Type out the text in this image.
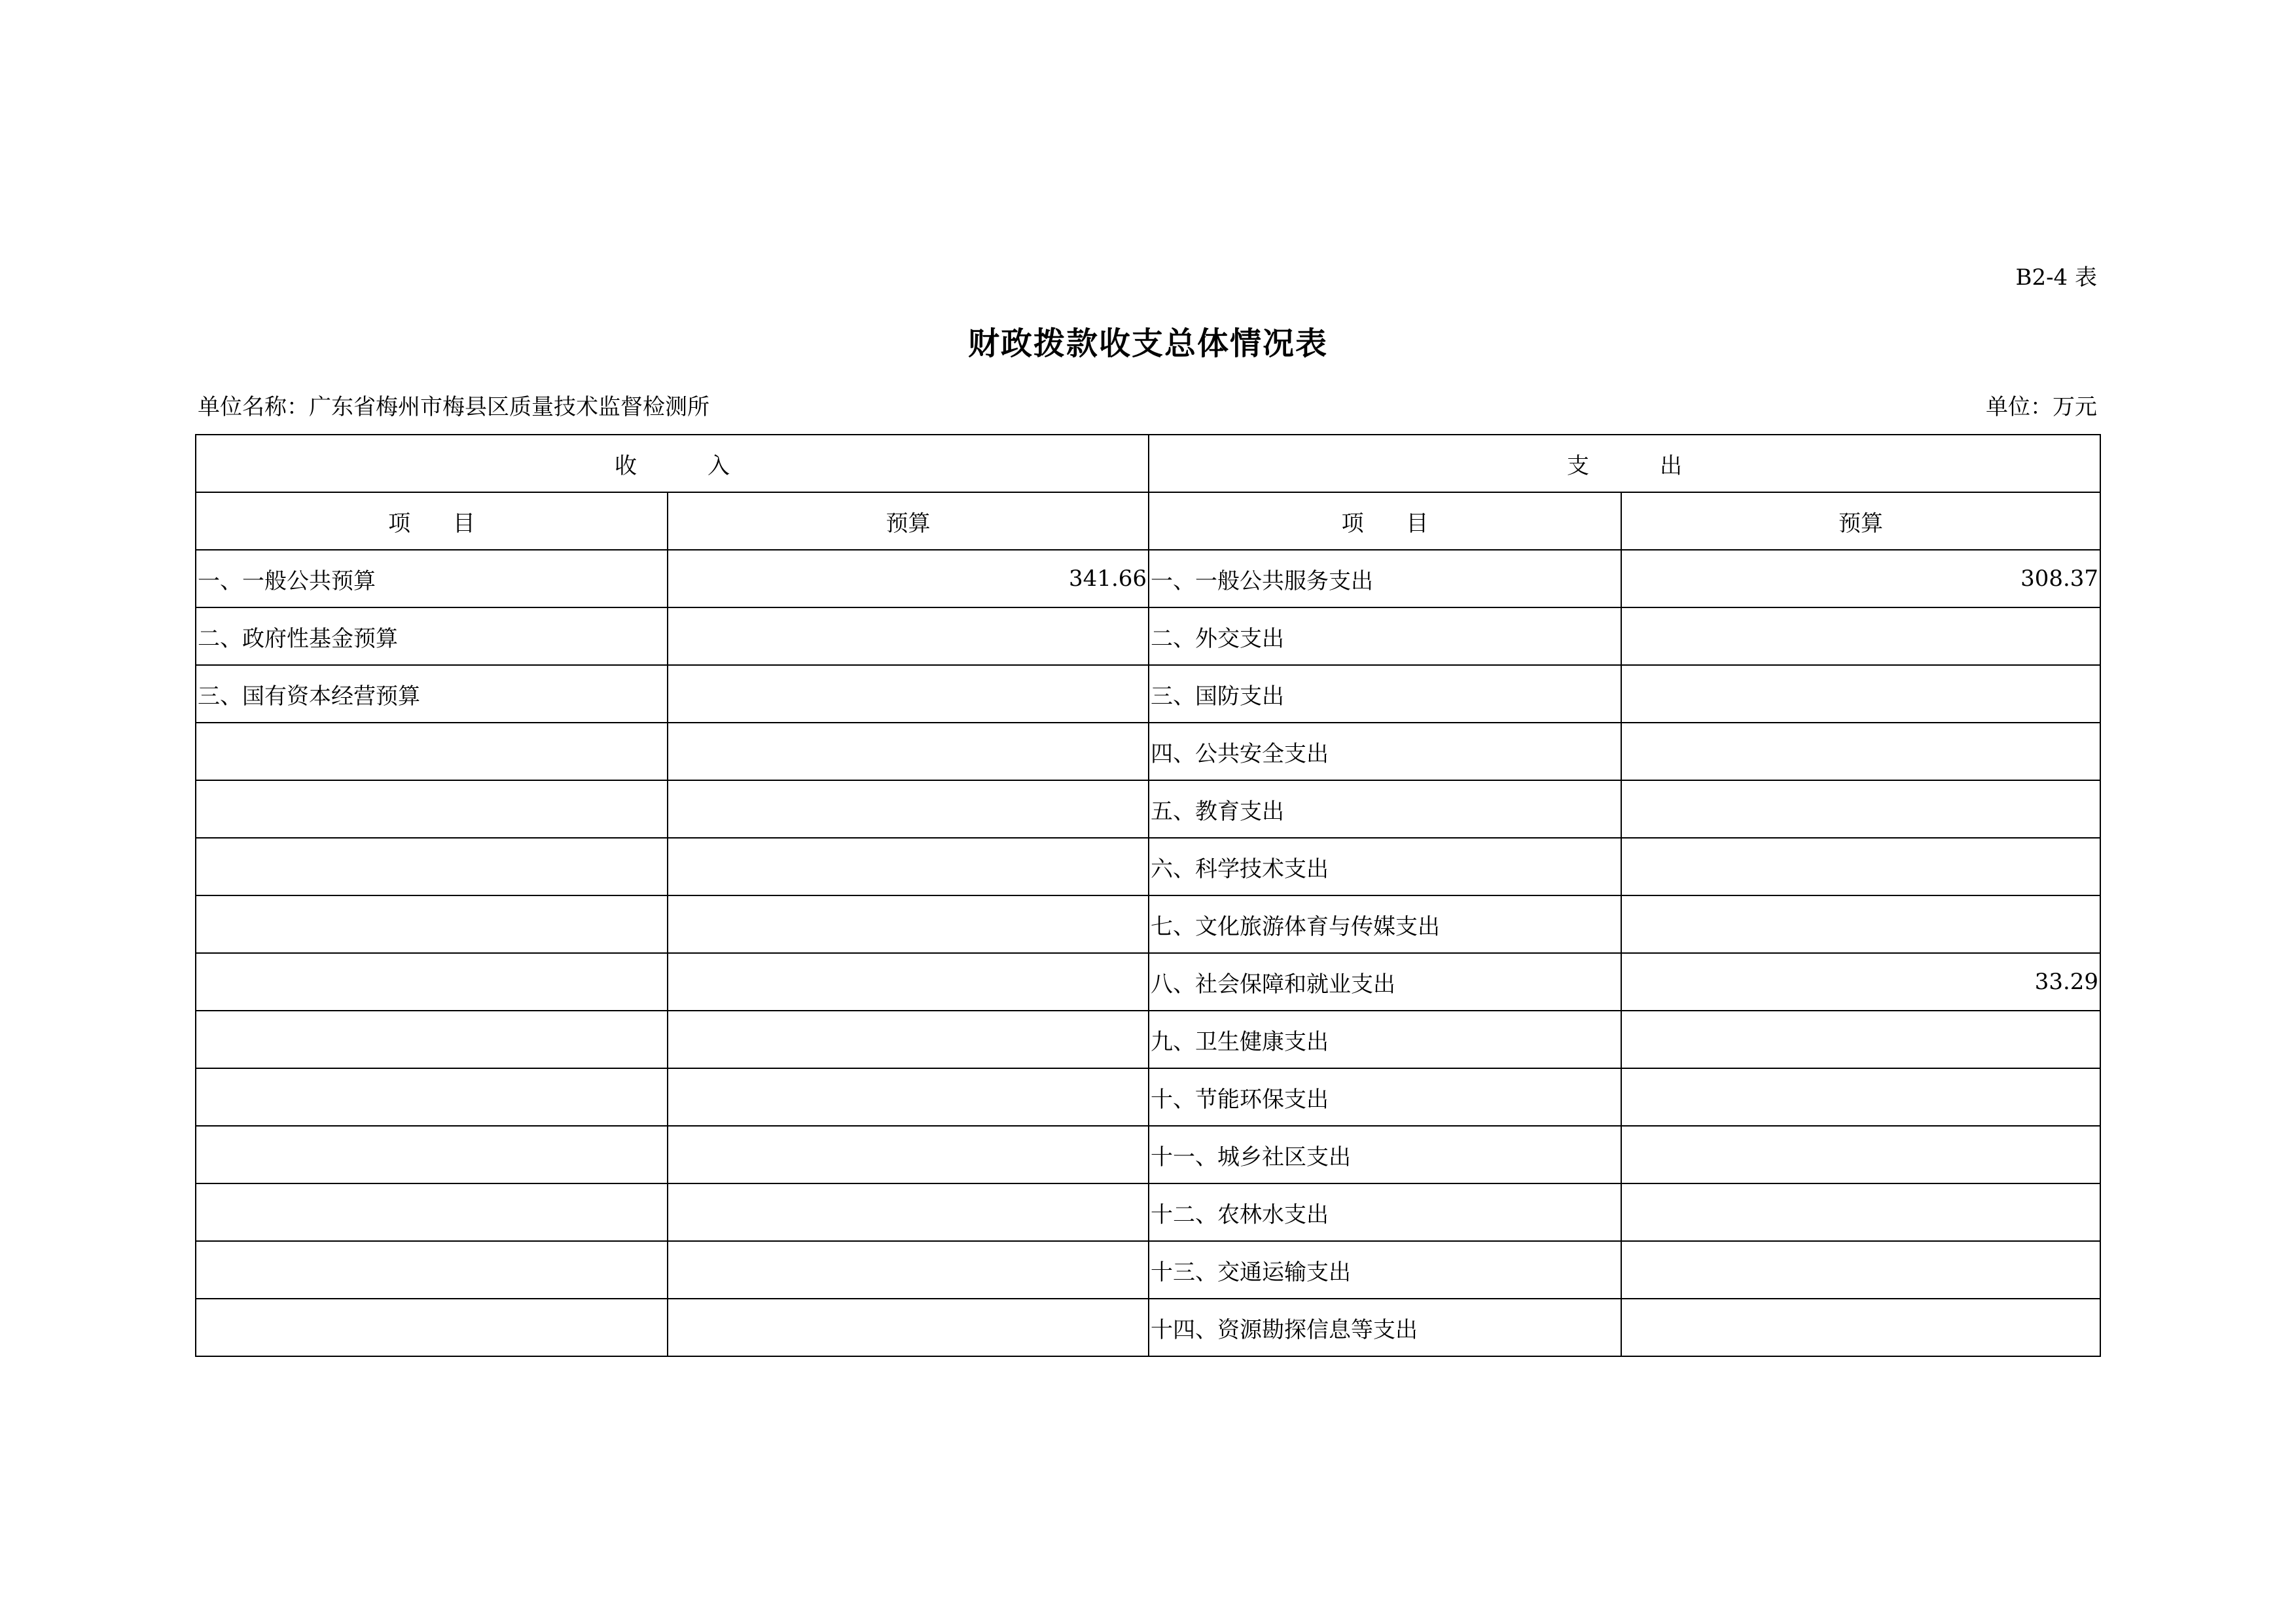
B2-4 表
财政拨款收支总体情况表
单位名称：广东省梅州市梅县区质量技术监督检测所	单位：万元
收          入		支          出	
项      目	预算	项      目	预算
一、一般公共预算	341.66	一、一般公共服务支出	308.37
二、政府性基金预算		二、外交支出	
三、国有资本经营预算		三、国防支出	
		四、公共安全支出	
		五、教育支出	
		六、科学技术支出	
		七、文化旅游体育与传媒支出	
		八、社会保障和就业支出	33.29
		九、卫生健康支出	
		十、节能环保支出	
		十一、城乡社区支出	
		十二、农林水支出	
		十三、交通运输支出	
		十四、资源勘探信息等支出	
